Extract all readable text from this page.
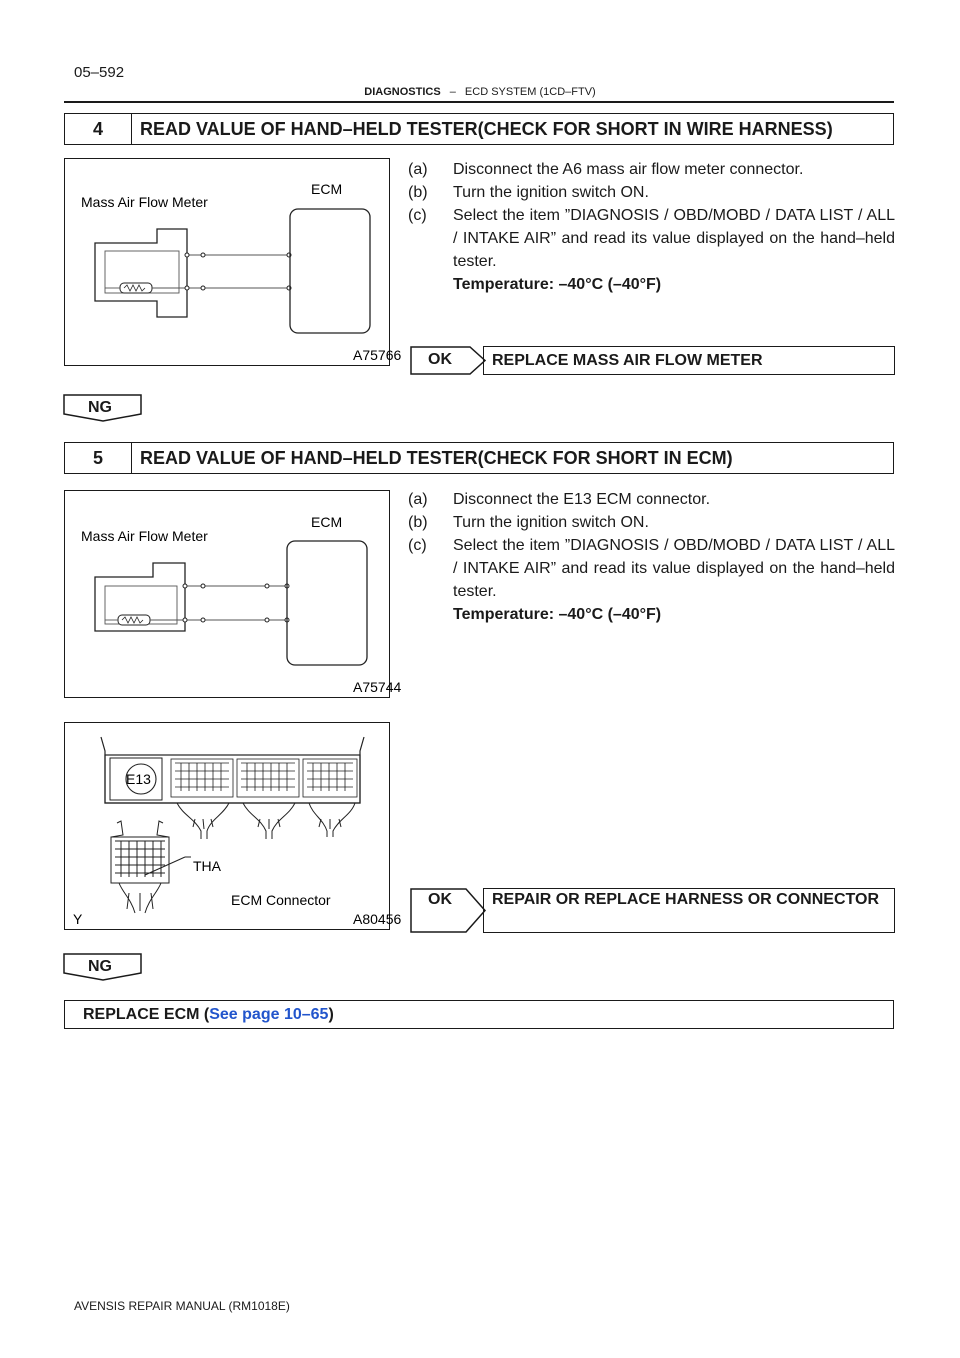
05–592
DIAGNOSTICS – ECD SYSTEM (1CD–FTV)
4	READ VALUE OF HAND–HELD TESTER(CHECK FOR SHORT IN WIRE HARNESS)
Mass Air Flow Meter
ECM
A75766
(a)	Disconnect the A6 mass air flow meter connector.
(b)	Turn the ignition switch ON.
(c)	Select the item ”DIAGNOSIS / OBD/MOBD / DATA LIST / ALL / INTAKE AIR” and read its value displayed on the hand–held tester.
Temperature: –40°C (–40°F)
OK	REPLACE MASS AIR FLOW METER
NG
5	READ VALUE OF HAND–HELD TESTER(CHECK FOR SHORT IN ECM)
Mass Air Flow Meter
ECM
A75744
(a)	Disconnect the E13 ECM connector.
(b)	Turn the ignition switch ON.
(c)	Select the item ”DIAGNOSIS / OBD/MOBD / DATA LIST / ALL / INTAKE AIR” and read its value displayed on the hand–held tester.
Temperature: –40°C (–40°F)
E13
THA
ECM Connector
Y	A80456
OK	REPAIR OR REPLACE HARNESS OR CONNECTOR
NG
REPLACE ECM ( See page 10–65 )
AVENSIS REPAIR MANUAL (RM1018E)
